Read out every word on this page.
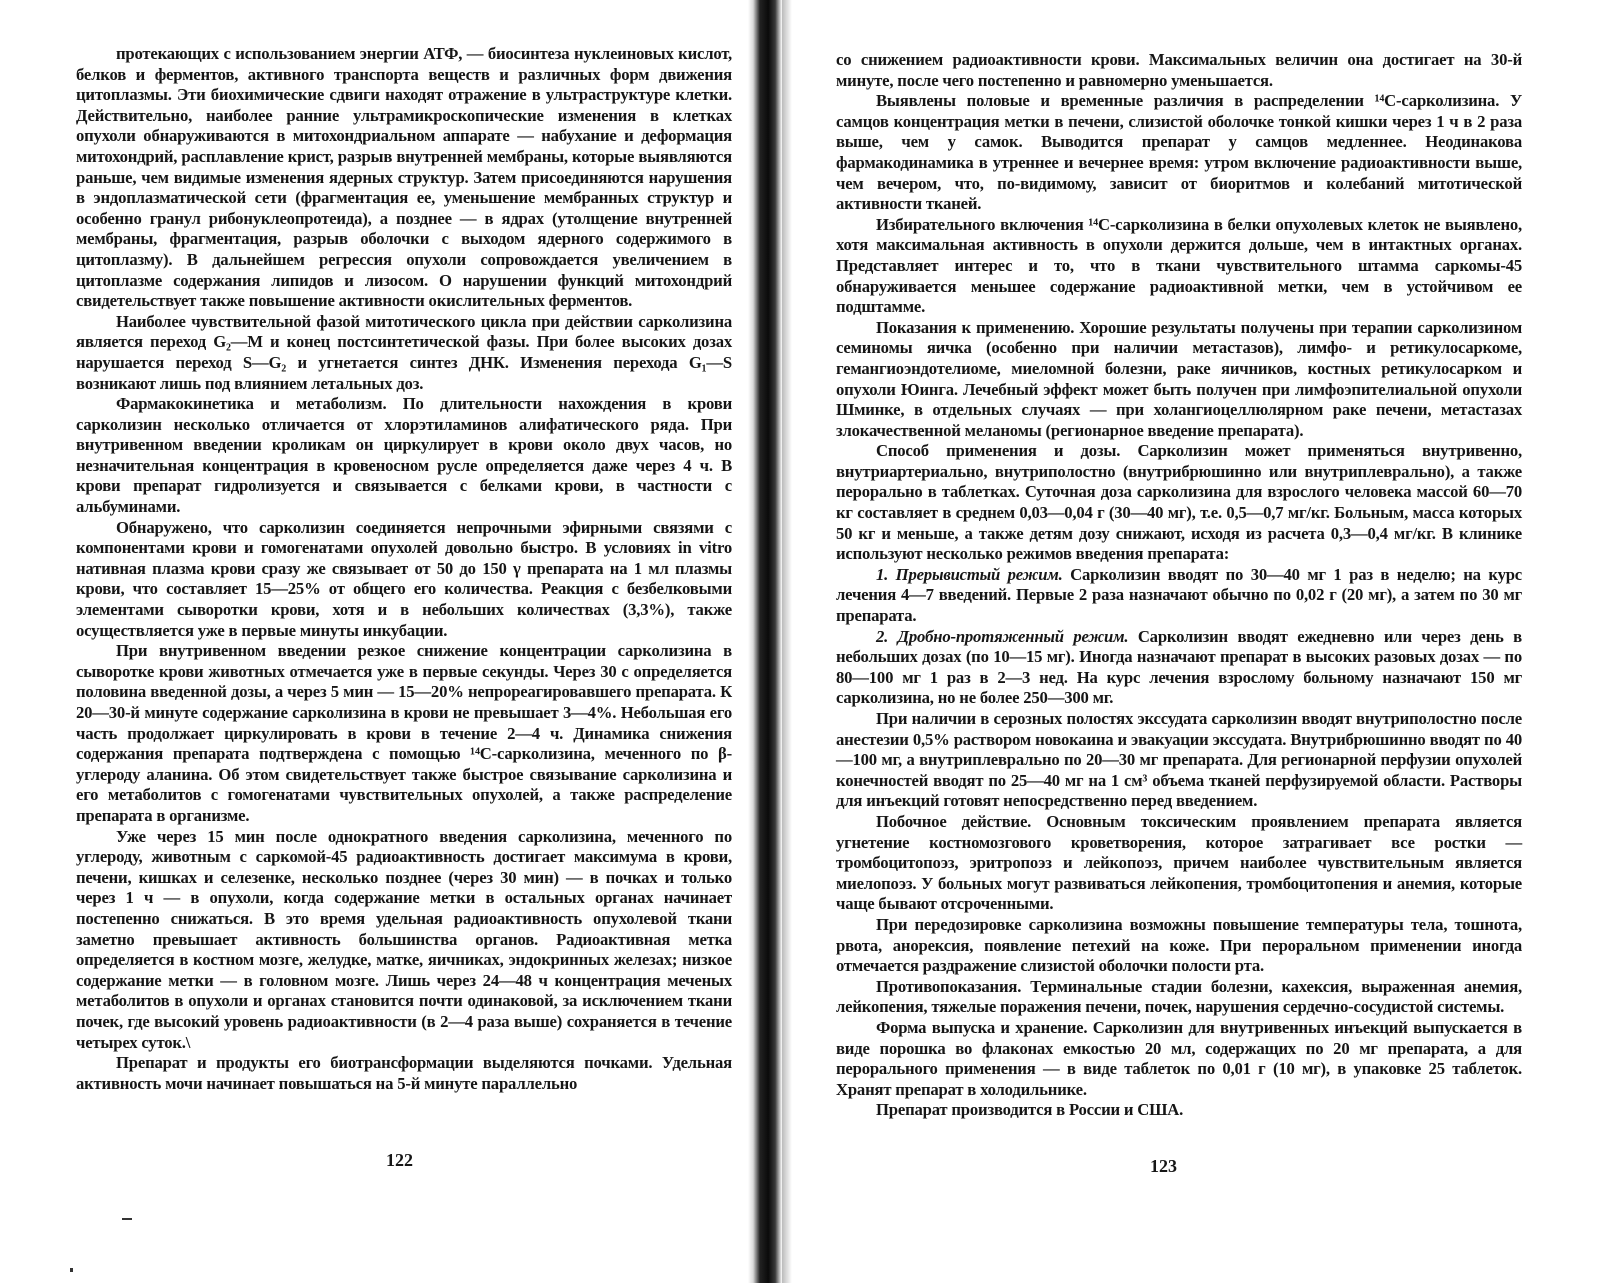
протекающих с использованием энергии АТФ, — биосинтеза нуклеиновых кислот, белков и ферментов, активного транспорта веществ и различных форм движения цитоплазмы. Эти биохимические сдвиги находят отражение в ультраструктуре клетки. Действительно, наиболее ранние ультрамикроскопические изменения в клетках опухоли обнаруживаются в митохондриальном аппарате — набухание и деформация митохондрий, расплавление крист, разрыв внутренней мембраны, которые выявляются раньше, чем видимые изменения ядерных структур. Затем присоединяются нарушения в эндоплазматической сети (фрагментация ее, уменьшение мембранных структур и особенно гранул рибонуклеопротеида), а позднее — в ядрах (утолщение внутренней мембраны, фрагментация, разрыв оболочки с выходом ядерного содержимого в цитоплазму). В дальнейшем регрессия опухоли сопровождается увеличением в цитоплазме содержания липидов и лизосом. О нарушении функций митохондрий свидетельствует также повышение активности окислительных ферментов.

Наиболее чувствительной фазой митотического цикла при действии сарколизина является переход G₂—M и конец постсинтетической фазы. При более высоких дозах нарушается переход S—G₂ и угнетается синтез ДНК. Изменения перехода G₁—S возникают лишь под влиянием летальных доз.

Фармакокинетика и метаболизм. По длительности нахождения в крови сарколизин несколько отличается от хлорэтиламинов алифатического ряда. При внутривенном введении кроликам он циркулирует в крови около двух часов, но незначительная концентрация в кровеносном русле определяется даже через 4 ч. В крови препарат гидролизуется и связывается с белками крови, в частности с альбуминами.

Обнаружено, что сарколизин соединяется непрочными эфирными связями с компонентами крови и гомогенатами опухолей довольно быстро. В условиях in vitro нативная плазма крови сразу же связывает от 50 до 150 γ препарата на 1 мл плазмы крови, что составляет 15—25% от общего его количества. Реакция с безбелковыми элементами сыворотки крови, хотя и в небольших количествах (3,3%), также осуществляется уже в первые минуты инкубации.

При внутривенном введении резкое снижение концентрации сарколизина в сыворотке крови животных отмечается уже в первые секунды. Через 30 с определяется половина введенной дозы, а через 5 мин — 15—20% непрореагировавшего препарата. К 20—30-й минуте содержание сарколизина в крови не превышает 3—4%. Небольшая его часть продолжает циркулировать в крови в течение 2—4 ч. Динамика снижения содержания препарата подтверждена с помощью ¹⁴С-сарколизина, меченного по β-углероду аланина. Об этом свидетельствует также быстрое связывание сарколизина и его метаболитов с гомогенатами чувствительных опухолей, а также распределение препарата в организме.

Уже через 15 мин после однократного введения сарколизина, меченного по углероду, животным с саркомой-45 радиоактивность достигает максимума в крови, печени, кишках и селезенке, несколько позднее (через 30 мин) — в почках и только через 1 ч — в опухоли, когда содержание метки в остальных органах начинает постепенно снижаться. В это время удельная радиоактивность опухолевой ткани заметно превышает активность большинства органов. Радиоактивная метка определяется в костном мозге, желудке, матке, яичниках, эндокринных железах; низкое содержание метки — в головном мозге. Лишь через 24—48 ч концентрация меченых метаболитов в опухоли и органах становится почти одинаковой, за исключением ткани почек, где высокий уровень радиоактивности (в 2—4 раза выше) сохраняется в течение четырех суток.\

Препарат и продукты его биотрансформации выделяются почками. Удельная активность мочи начинает повышаться на 5-й минуте параллельно

122

со снижением радиоактивности крови. Максимальных величин она достигает на 30-й минуте, после чего постепенно и равномерно уменьшается.

Выявлены половые и временные различия в распределении ¹⁴С-сарколизина. У самцов концентрация метки в печени, слизистой оболочке тонкой кишки через 1 ч в 2 раза выше, чем у самок. Выводится препарат у самцов медленнее. Неодинакова фармакодинамика в утреннее и вечернее время: утром включение радиоактивности выше, чем вечером, что, по-видимому, зависит от биоритмов и колебаний митотической активности тканей.

Избирательного включения ¹⁴С-сарколизина в белки опухолевых клеток не выявлено, хотя максимальная активность в опухоли держится дольше, чем в интактных органах. Представляет интерес и то, что в ткани чувствительного штамма саркомы-45 обнаруживается меньшее содержание радиоактивной метки, чем в устойчивом ее подштамме.

Показания к применению. Хорошие результаты получены при терапии сарколизином семиномы яичка (особенно при наличии метастазов), лимфо- и ретикулосаркоме, гемангиоэндотелиоме, миеломной болезни, раке яичников, костных ретикулосарком и опухоли Юинга. Лечебный эффект может быть получен при лимфоэпителиальной опухоли Шминке, в отдельных случаях — при холангиоцеллюлярном раке печени, метастазах злокачественной меланомы (регионарное введение препарата).

Способ применения и дозы. Сарколизин может применяться внутривенно, внутриартериально, внутриполостно (внутрибрюшинно или внутриплеврально), а также перорально в таблетках. Суточная доза сарколизина для взрослого человека массой 60—70 кг составляет в среднем 0,03—0,04 г (30—40 мг), т.е. 0,5—0,7 мг/кг. Больным, масса которых 50 кг и меньше, а также детям дозу снижают, исходя из расчета 0,3—0,4 мг/кг. В клинике используют несколько режимов введения препарата:

1. Прерывистый режим. Сарколизин вводят по 30—40 мг 1 раз в неделю; на курс лечения 4—7 введений. Первые 2 раза назначают обычно по 0,02 г (20 мг), а затем по 30 мг препарата.

2. Дробно-протяженный режим. Сарколизин вводят ежедневно или через день в небольших дозах (по 10—15 мг). Иногда назначают препарат в высоких разовых дозах — по 80—100 мг 1 раз в 2—3 нед. На курс лечения взрослому больному назначают 150 мг сарколизина, но не более 250—300 мг.

При наличии в серозных полостях экссудата сарколизин вводят внутриполостно после анестезии 0,5% раствором новокаина и эвакуации экссудата. Внутрибрюшинно вводят по 40—100 мг, а внутриплеврально по 20—30 мг препарата. Для регионарной перфузии опухолей конечностей вводят по 25—40 мг на 1 см³ объема тканей перфузируемой области. Растворы для инъекций готовят непосредственно перед введением.

Побочное действие. Основным токсическим проявлением препарата является угнетение костномозгового кроветворения, которое затрагивает все ростки — тромбоцитопоэз, эритропоэз и лейкопоэз, причем наиболее чувствительным является миелопоэз. У больных могут развиваться лейкопения, тромбоцитопения и анемия, которые чаще бывают отсроченными.

При передозировке сарколизина возможны повышение температуры тела, тошнота, рвота, анорексия, появление петехий на коже. При пероральном применении иногда отмечается раздражение слизистой оболочки полости рта.

Противопоказания. Терминальные стадии болезни, кахексия, выраженная анемия, лейкопения, тяжелые поражения печени, почек, нарушения сердечно-сосудистой системы.

Форма выпуска и хранение. Сарколизин для внутривенных инъекций выпускается в виде порошка во флаконах емкостью 20 мл, содержащих по 20 мг препарата, а для перорального применения — в виде таблеток по 0,01 г (10 мг), в упаковке 25 таблеток. Хранят препарат в холодильнике.

Препарат производится в России и США.

123
